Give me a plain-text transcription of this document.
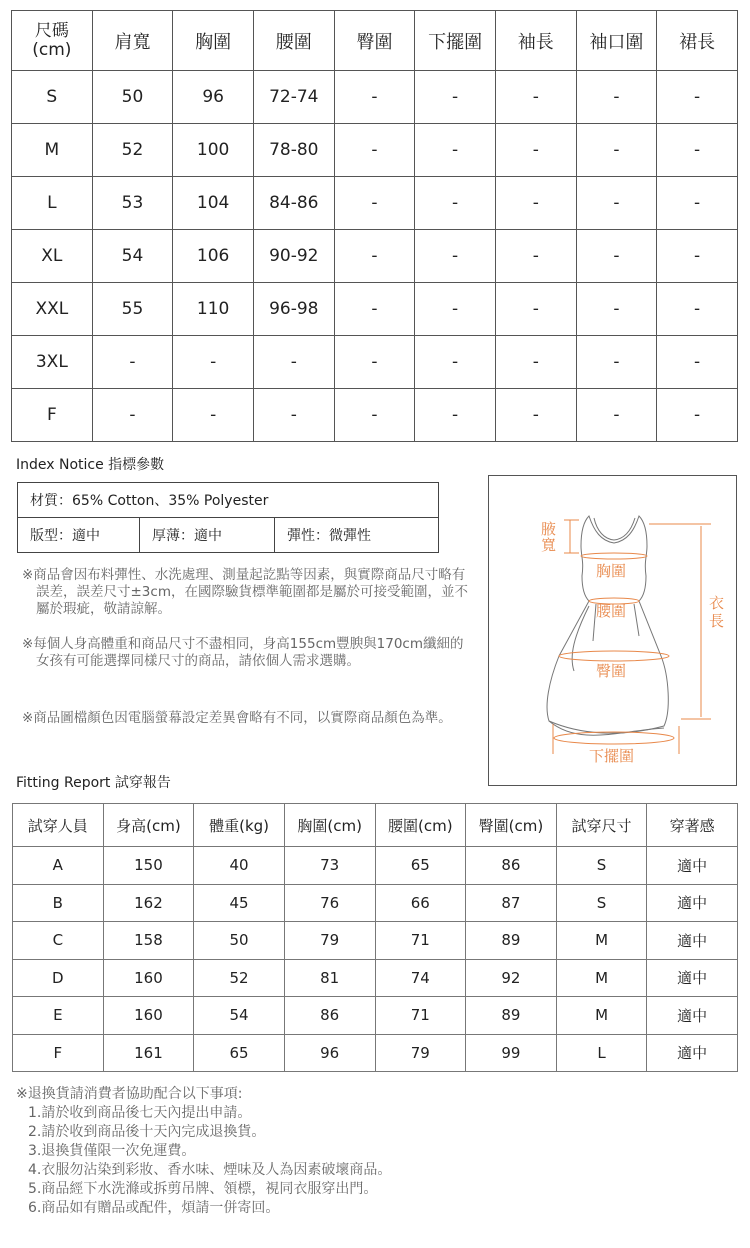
尺碼
(cm)	肩寬	胸圍	腰圍	臀圍	下擺圍	袖長	袖口圍	裙長
S	50	96	72-74	-	-	-	-	-
M	52	100	78-80	-	-	-	-	-
L	53	104	84-86	-	-	-	-	-
XL	54	106	90-92	-	-	-	-	-
XXL	55	110	96-98	-	-	-	-	-
3XL	-	-	-	-	-	-	-	-
F	-	-	-	-	-	-	-	-
Index Notice 指標參數
材質：65% Cotton、35% Polyester
版型：適中	厚薄：適中	彈性：微彈性

※商品會因布料彈性、水洗處理、測量起訖點等因素，與實際商品尺寸略有誤差，誤差尺寸±3cm，在國際驗貨標準範圍都是屬於可接受範圍，並不屬於瑕疵，敬請諒解。

※每個人身高體重和商品尺寸不盡相同，身高155cm豐腴與170cm纖細的女孩有可能選擇同樣尺寸的商品，請依個人需求選購。

※商品圖檔顏色因電腦螢幕設定差異會略有不同，以實際商品顏色為準。

腋
寬
胸圍
腰圍
臀圍
下擺圍
衣
長
Fitting Report 試穿報告
試穿人員	身高(cm)	體重(kg)	胸圍(cm)	腰圍(cm)	臀圍(cm)	試穿尺寸	穿著感
A	150	40	73	65	86	S	適中
B	162	45	76	66	87	S	適中
C	158	50	79	71	89	M	適中
D	160	52	81	74	92	M	適中
E	160	54	86	71	89	M	適中
F	161	65	96	79	99	L	適中
※退換貨請消費者協助配合以下事項:
1.請於收到商品後七天內提出申請。
2.請於收到商品後十天內完成退換貨。
3.退換貨僅限一次免運費。
4.衣服勿沾染到彩妝、香水味、煙味及人為因素破壞商品。
5.商品經下水洗滌或拆剪吊牌、領標，視同衣服穿出門。
6.商品如有贈品或配件，煩請一併寄回。
